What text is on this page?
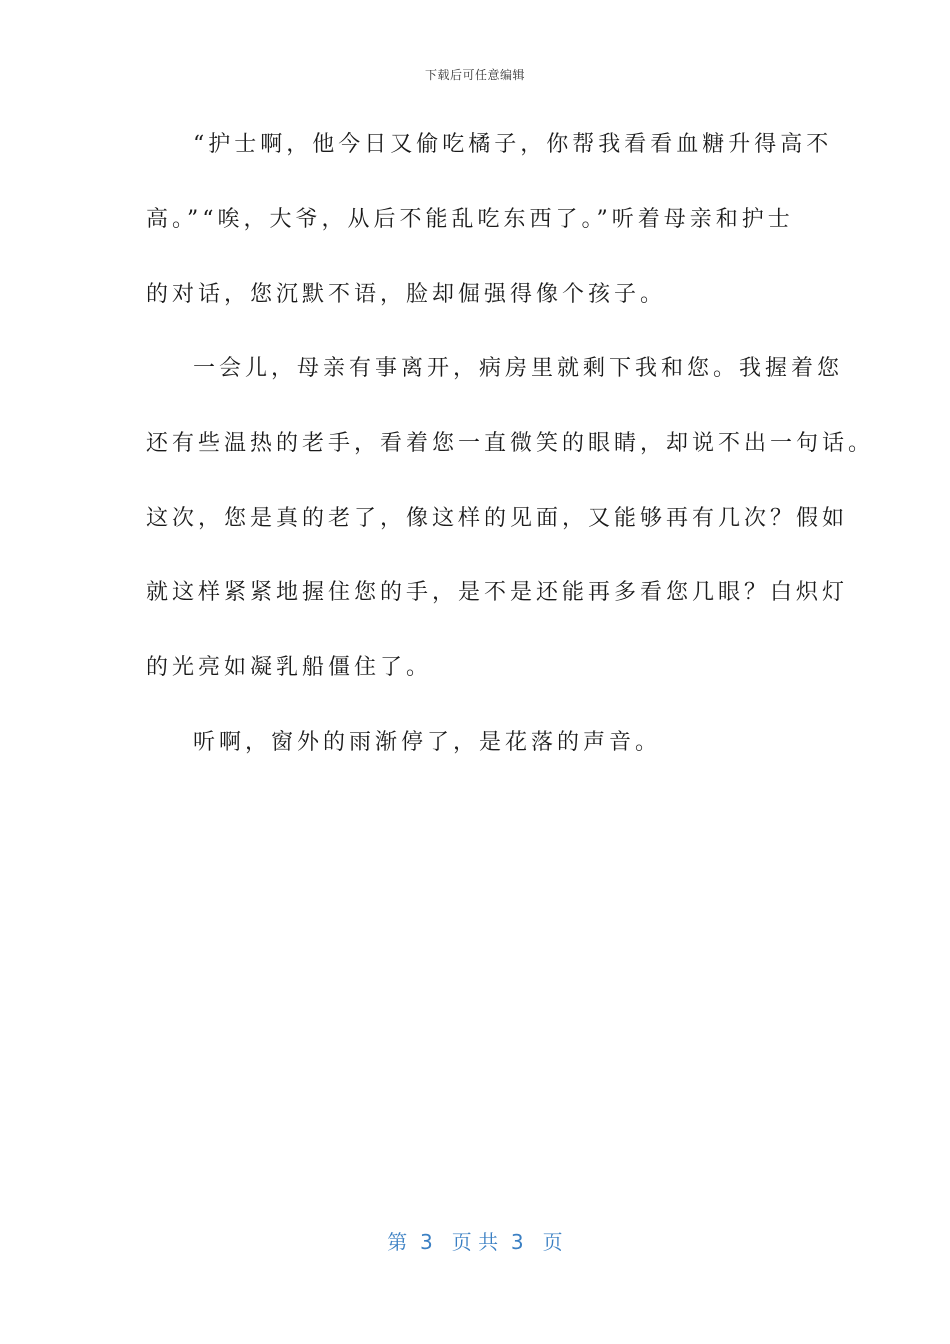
下载后可任意编辑
“护士啊，他今日又偷吃橘子，你帮我看看血糖升得高不
高。”“唉，大爷，从后不能乱吃东西了。”听着母亲和护士
的对话，您沉默不语，脸却倔强得像个孩子。
一会儿，母亲有事离开，病房里就剩下我和您。我握着您
还有些温热的老手，看着您一直微笑的眼睛，却说不出一句话。
这次，您是真的老了，像这样的见面，又能够再有几次？假如
就这样紧紧地握住您的手，是不是还能再多看您几眼？白炽灯
的光亮如凝乳船僵住了。
听啊，窗外的雨渐停了，是花落的声音。
第  3   页 共  3   页
